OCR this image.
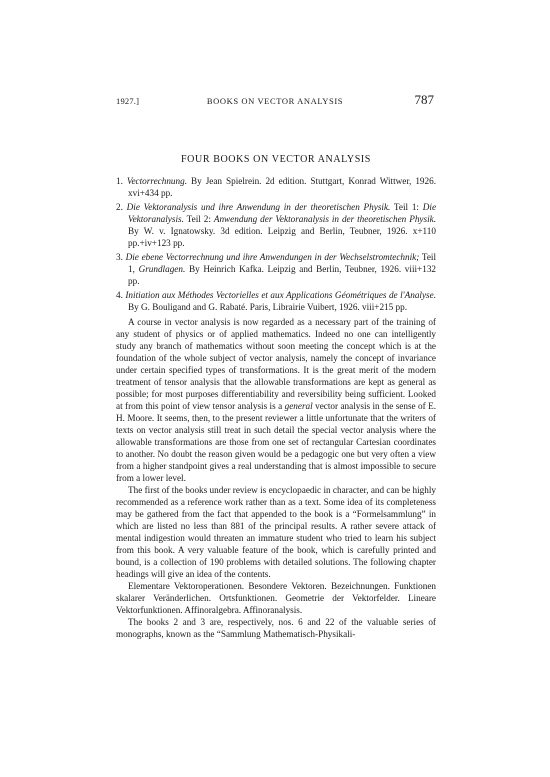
1927.]	BOOKS ON VECTOR ANALYSIS	787
FOUR BOOKS ON VECTOR ANALYSIS
1. Vectorrechnung. By Jean Spielrein. 2d edition. Stuttgart, Konrad Wittwer, 1926. xvi+434 pp.
2. Die Vektoranalysis und ihre Anwendung in der theoretischen Physik. Teil 1: Die Vektoranalysis. Teil 2: Anwendung der Vektoranalysis in der theoretischen Physik. By W. v. Ignatowsky. 3d edition. Leipzig and Berlin, Teubner, 1926. x+110 pp.+iv+123 pp.
3. Die ebene Vectorrechnung und ihre Anwendungen in der Wechselstromtechnik; Teil 1, Grundlagen. By Heinrich Kafka. Leipzig and Berlin, Teubner, 1926. viii+132 pp.
4. Initiation aux Méthodes Vectorielles et aux Applications Géométriques de l'Analyse. By G. Bouligand and G. Rabaté. Paris, Librairie Vuibert, 1926. viii+215 pp.

A course in vector analysis is now regarded as a necessary part of the training of any student of physics or of applied mathematics. Indeed no one can intelligently study any branch of mathematics without soon meeting the concept which is at the foundation of the whole subject of vector analysis, namely the concept of invariance under certain specified types of transformations. It is the great merit of the modern treatment of tensor analysis that the allowable transformations are kept as general as possible; for most purposes differentiability and reversibility being sufficient. Looked at from this point of view tensor analysis is a general vector analysis in the sense of E. H. Moore. It seems, then, to the present reviewer a little unfortunate that the writers of texts on vector analysis still treat in such detail the special vector analysis where the allowable transformations are those from one set of rectangular Cartesian coordinates to another. No doubt the reason given would be a pedagogic one but very often a view from a higher standpoint gives a real understanding that is almost impossible to secure from a lower level.

The first of the books under review is encyclopaedic in character, and can be highly recommended as a reference work rather than as a text. Some idea of its completeness may be gathered from the fact that appended to the book is a “Formelsammlung” in which are listed no less than 881 of the principal results. A rather severe attack of mental indigestion would threaten an immature student who tried to learn his subject from this book. A very valuable feature of the book, which is carefully printed and bound, is a collection of 190 problems with detailed solutions. The following chapter headings will give an idea of the contents.

Elementare Vektoroperationen. Besondere Vektoren. Bezeichnungen. Funktionen skalarer Veränderlichen. Ortsfunktionen. Geometrie der Vektorfelder. Lineare Vektorfunktionen. Affinoralgebra. Affinoranalysis.

The books 2 and 3 are, respectively, nos. 6 and 22 of the valuable series of monographs, known as the “Sammlung Mathematisch-Physikali-
